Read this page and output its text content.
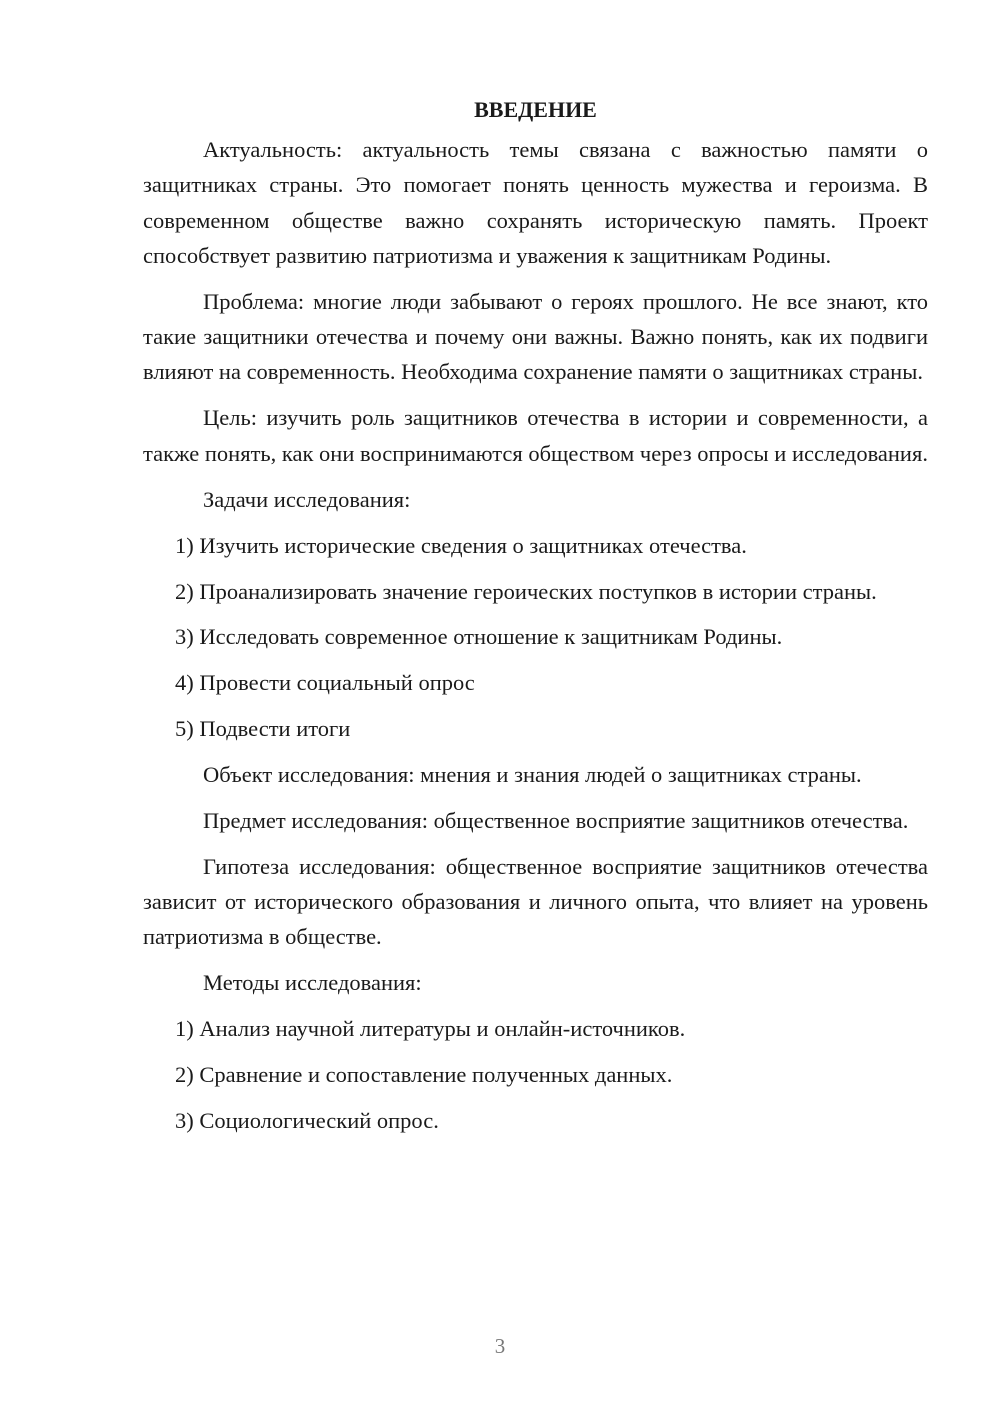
ВВЕДЕНИЕ
Актуальность: актуальность темы связана с важностью памяти о защитниках страны. Это помогает понять ценность мужества и героизма. В современном обществе важно сохранять историческую память. Проект способствует развитию патриотизма и уважения к защитникам Родины.
Проблема: многие люди забывают о героях прошлого. Не все знают, кто такие защитники отечества и почему они важны. Важно понять, как их подвиги влияют на современность. Необходима сохранение памяти о защитниках страны.
Цель: изучить роль защитников отечества в истории и современности, а также понять, как они воспринимаются обществом через опросы и исследования.
Задачи исследования:
1) Изучить исторические сведения о защитниках отечества.
2) Проанализировать значение героических поступков в истории страны.
3) Исследовать современное отношение к защитникам Родины.
4) Провести социальный опрос
5) Подвести итоги
Объект исследования: мнения и знания людей о защитниках страны.
Предмет исследования: общественное восприятие защитников отечества.
Гипотеза исследования: общественное восприятие защитников отечества зависит от исторического образования и личного опыта, что влияет на уровень патриотизма в обществе.
Методы исследования:
1) Анализ научной литературы и онлайн-источников.
2) Сравнение и сопоставление полученных данных.
3) Социологический опрос.
3
